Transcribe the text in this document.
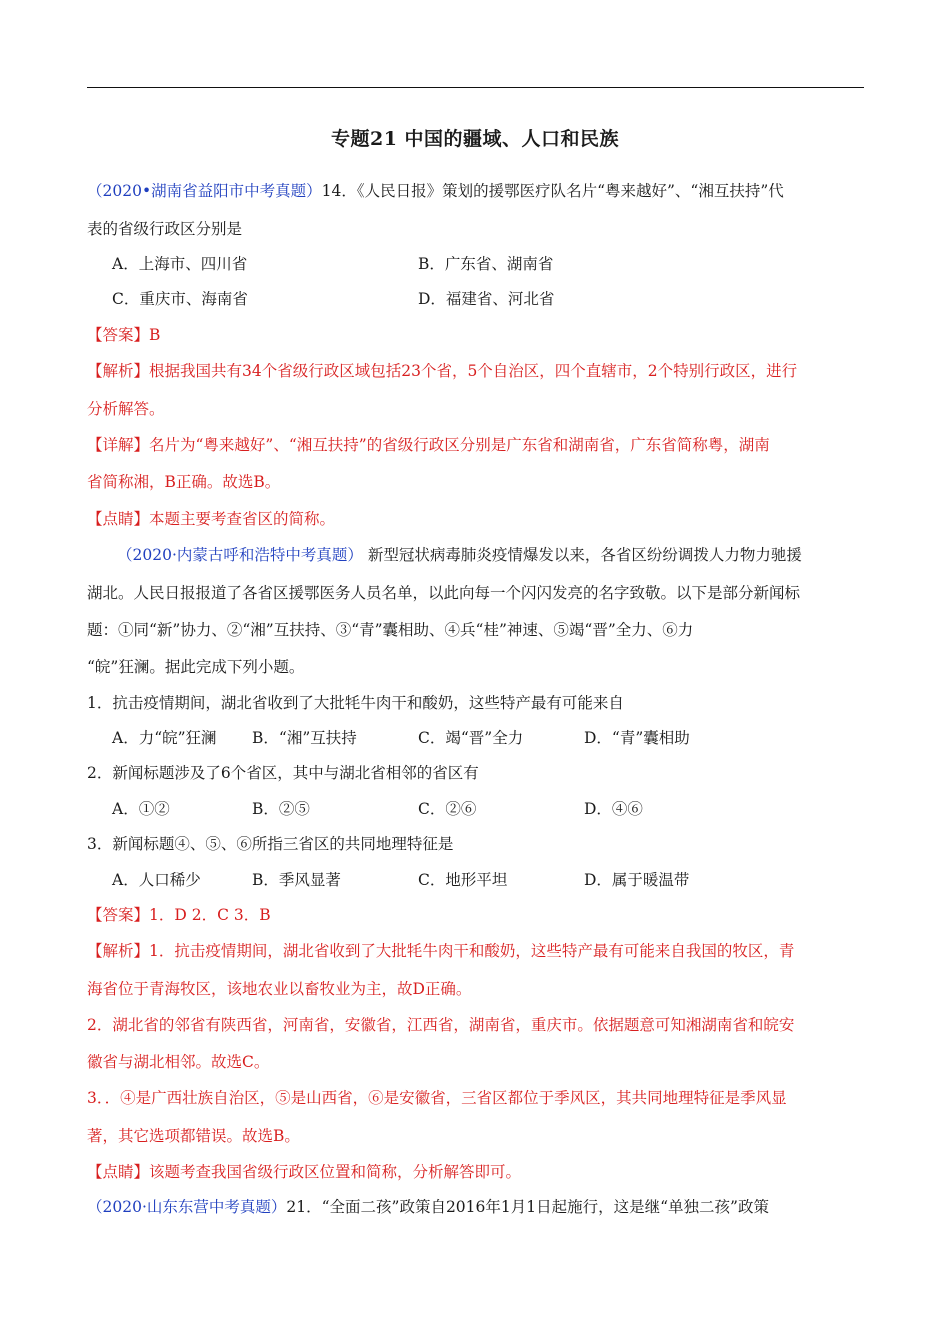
专题21 中国的疆域、人口和民族
（2020•湖南省益阳市中考真题）14．《人民日报》策划的援鄂医疗队名片“粤来越好”、“湘互扶持”代
表的省级行政区分别是
A．上海市、四川省	B．广东省、湖南省
C．重庆市、海南省	D．福建省、河北省
【答案】B
【解析】根据我国共有34个省级行政区域包括23个省，5个自治区，四个直辖市，2个特别行政区，进行
分析解答。
【详解】名片为“粤来越好”、“湘互扶持”的省级行政区分别是广东省和湖南省，广东省简称粤，湖南
省简称湘，B正确。故选B。
【点睛】本题主要考查省区的简称。
（2020·内蒙古呼和浩特中考真题） 新型冠状病毒肺炎疫情爆发以来，各省区纷纷调拨人力物力驰援
湖北。人民日报报道了各省区援鄂医务人员名单，以此向每一个闪闪发亮的名字致敬。以下是部分新闻标
题：①同“新”协力、②“湘”互扶持、③“青”囊相助、④兵“桂”神速、⑤竭“晋”全力、⑥力
“皖”狂澜。据此完成下列小题。
1．抗击疫情期间，湖北省收到了大批牦牛肉干和酸奶，这些特产最有可能来自
A．力“皖”狂澜 B．“湘”互扶持	C．竭“晋”全力	D．“青”囊相助
2．新闻标题涉及了6个省区，其中与湖北省相邻的省区有
A．①②	B．②⑤	C．②⑥	D．④⑥
3．新闻标题④、⑤、⑥所指三省区的共同地理特征是
A．人口稀少	B．季风显著	C．地形平坦	D．属于暖温带
【答案】1．D 2．C 3．B
【解析】1．抗击疫情期间，湖北省收到了大批牦牛肉干和酸奶，这些特产最有可能来自我国的牧区，青
海省位于青海牧区，该地农业以畜牧业为主，故D正确。
2．湖北省的邻省有陕西省，河南省，安徽省，江西省，湖南省，重庆市。依据题意可知湘湖南省和皖安
徽省与湖北相邻。故选C。
3．．④是广西壮族自治区，⑤是山西省，⑥是安徽省，三省区都位于季风区，其共同地理特征是季风显
著，其它选项都错误。故选B。
【点睛】该题考查我国省级行政区位置和简称，分析解答即可。
（2020·山东东营中考真题）21．“全面二孩”政策自2016年1月1日起施行，这是继“单独二孩”政策
